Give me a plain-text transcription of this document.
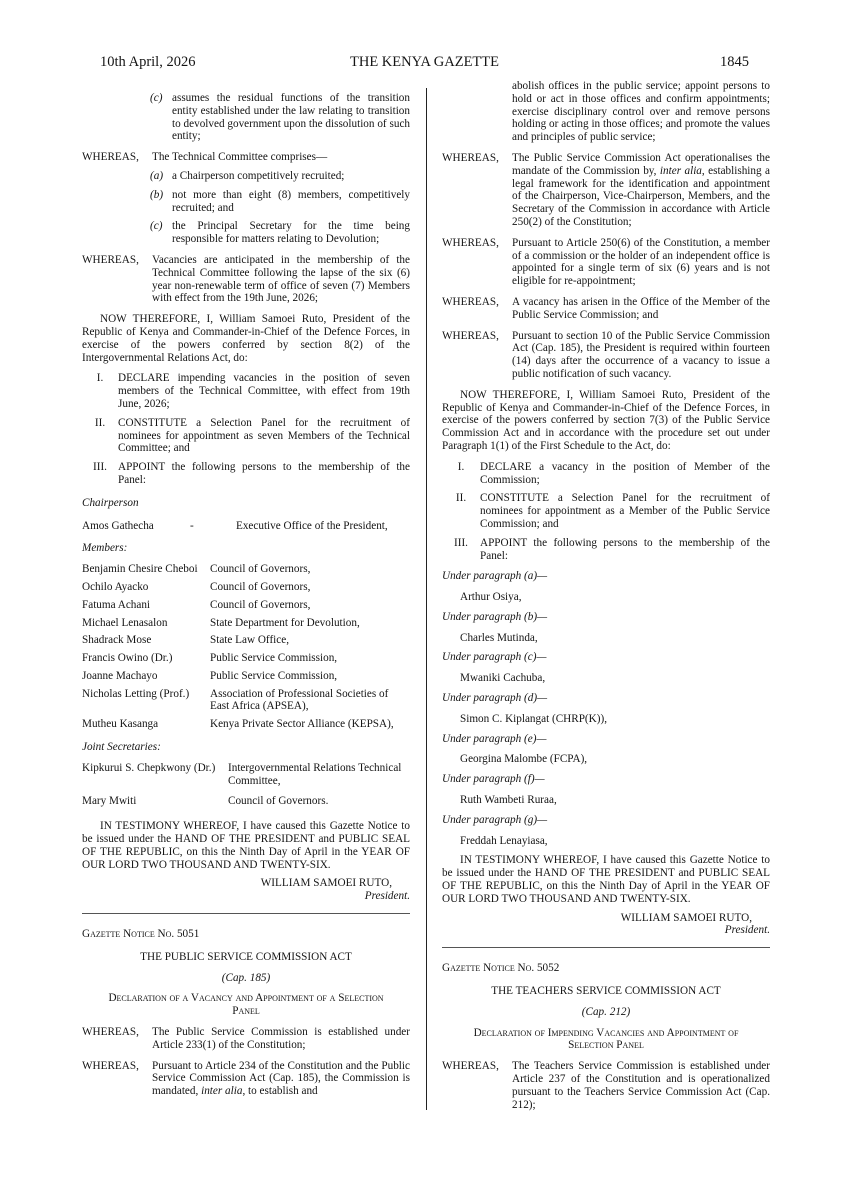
10th April, 2026	THE KENYA GAZETTE	1845
(c) assumes the residual functions of the transition entity established under the law relating to transition to devolved government upon the dissolution of such entity;
WHEREAS,	The Technical Committee comprises—
(a) a Chairperson competitively recruited;
(b) not more than eight (8) members, competitively recruited; and
(c) the Principal Secretary for the time being responsible for matters relating to Devolution;
WHEREAS,	Vacancies are anticipated in the membership of the Technical Committee following the lapse of the six (6) year non-renewable term of office of seven (7) Members with effect from the 19th June, 2026;

NOW THEREFORE, I, William Samoei Ruto, President of the Republic of Kenya and Commander-in-Chief of the Defence Forces, in exercise of the powers conferred by section 8(2) of the Intergovernmental Relations Act, do:

I.	DECLARE impending vacancies in the position of seven members of the Technical Committee, with effect from 19th June, 2026;
II.	CONSTITUTE a Selection Panel for the recruitment of nominees for appointment as seven Members of the Technical Committee; and
III. APPOINT the following persons to the membership of the Panel:

Chairperson

Amos Gathecha	-	Executive Office of the President,

Members:

Benjamin Chesire Cheboi	Council of Governors,
Ochilo Ayacko	Council of Governors,
Fatuma Achani	Council of Governors,
Michael Lenasalon	State Department for Devolution,
Shadrack Mose	State Law Office,
Francis Owino (Dr.)	Public Service Commission,
Joanne Machayo	Public Service Commission,
Nicholas Letting (Prof.)	Association of Professional Societies of East Africa (APSEA),
Mutheu Kasanga	Kenya Private Sector Alliance (KEPSA),

Joint Secretaries:

Kipkurui S. Chepkwony (Dr.)	Intergovernmental Relations Technical Committee,
Mary Mwiti	Council of Governors.

IN TESTIMONY WHEREOF, I have caused this Gazette Notice to be issued under the HAND OF THE PRESIDENT and PUBLIC SEAL OF THE REPUBLIC, on this the Ninth Day of April in the YEAR OF OUR LORD TWO THOUSAND AND TWENTY-SIX.

WILLIAM SAMOEI RUTO,

President.

Gazette Notice No. 5051

THE PUBLIC SERVICE COMMISSION ACT

(Cap. 185)

Declaration of a Vacancy and Appointment of a Selection Panel

WHEREAS,	The Public Service Commission is established under Article 233(1) of the Constitution;
WHEREAS,	Pursuant to Article 234 of the Constitution and the Public Service Commission Act (Cap. 185), the Commission is mandated, inter alia, to establish and

abolish offices in the public service; appoint persons to hold or act in those offices and confirm appointments; exercise disciplinary control over and remove persons holding or acting in those offices; and promote the values and principles of public service;

WHEREAS,	The Public Service Commission Act operationalises the mandate of the Commission by, inter alia, establishing a legal framework for the identification and appointment of the Chairperson, Vice-Chairperson, Members, and the Secretary of the Commission in accordance with Article 250(2) of the Constitution;
WHEREAS,	Pursuant to Article 250(6) of the Constitution, a member of a commission or the holder of an independent office is appointed for a single term of six (6) years and is not eligible for re-appointment;
WHEREAS,	A vacancy has arisen in the Office of the Member of the Public Service Commission; and
WHEREAS,	Pursuant to section 10 of the Public Service Commission Act (Cap. 185), the President is required within fourteen (14) days after the occurrence of a vacancy to issue a public notification of such vacancy.

NOW THEREFORE, I, William Samoei Ruto, President of the Republic of Kenya and Commander-in-Chief of the Defence Forces, in exercise of the powers conferred by section 7(3) of the Public Service Commission Act and in accordance with the procedure set out under Paragraph 1(1) of the First Schedule to the Act, do:

I.	DECLARE a vacancy in the position of Member of the Commission;
II.	CONSTITUTE a Selection Panel for the recruitment of nominees for appointment as a Member of the Public Service Commission; and
III.	APPOINT the following persons to the membership of the Panel:

Under paragraph (a)—

Arthur Osiya,

Under paragraph (b)—

Charles Mutinda,

Under paragraph (c)—

Mwaniki Cachuba,

Under paragraph (d)—

Simon C. Kiplangat (CHRP(K)),

Under paragraph (e)—

Georgina Malombe (FCPA),

Under paragraph (f)—

Ruth Wambeti Ruraa,

Under paragraph (g)—

Freddah Lenayiasa,

IN TESTIMONY WHEREOF, I have caused this Gazette Notice to be issued under the HAND OF THE PRESIDENT and PUBLIC SEAL OF THE REPUBLIC, on this the Ninth Day of April in the YEAR OF OUR LORD TWO THOUSAND AND TWENTY-SIX.

WILLIAM SAMOEI RUTO,

President.

Gazette Notice No. 5052

THE TEACHERS SERVICE COMMISSION ACT

(Cap. 212)

Declaration of Impending Vacancies and Appointment of Selection Panel

WHEREAS,	The Teachers Service Commission is established under Article 237 of the Constitution and is operationalized pursuant to the Teachers Service Commission Act (Cap. 212);
